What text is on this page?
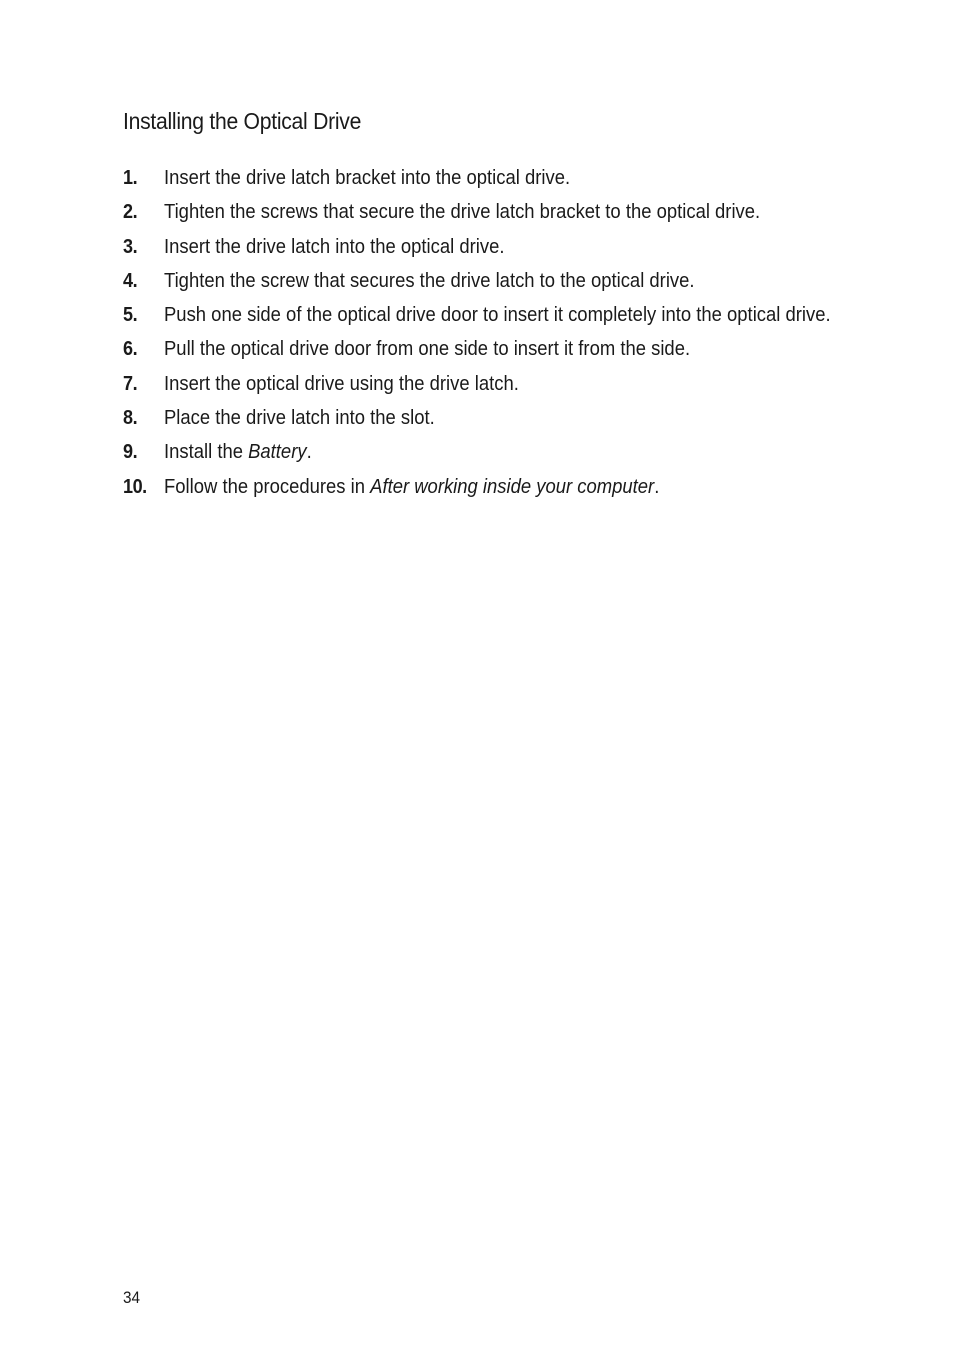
Installing the Optical Drive
1. Insert the drive latch bracket into the optical drive.
2. Tighten the screws that secure the drive latch bracket to the optical drive.
3. Insert the drive latch into the optical drive.
4. Tighten the screw that secures the drive latch to the optical drive.
5. Push one side of the optical drive door to insert it completely into the optical drive.
6. Pull the optical drive door from one side to insert it from the side.
7. Insert the optical drive using the drive latch.
8. Place the drive latch into the slot.
9. Install the Battery.
10. Follow the procedures in After working inside your computer.
34
